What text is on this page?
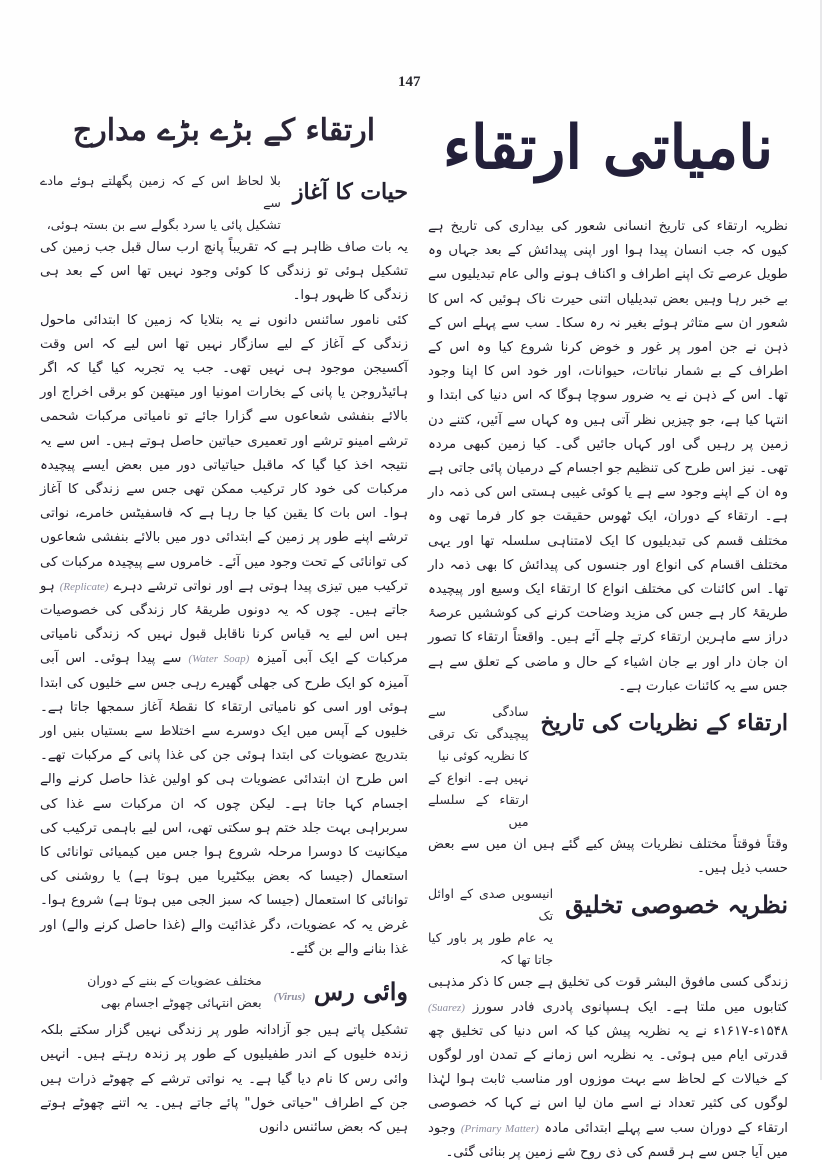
147
ارتقاء کے بڑے بڑے مدارج
حیات کا آغاز
بلا لحاظ اس کے کہ زمین پگھلتے ہوئے مادے سے
تشکیل پائی یا سرد بگولے سے بن بستہ ہوئی،

یہ بات صاف ظاہر ہے کہ تقریباً پانچ ارب سال قبل جب زمین کی تشکیل ہوئی تو زندگی کا کوئی وجود نہیں تھا اس کے بعد ہی زندگی کا ظہور ہوا۔

کئی نامور سائنس دانوں نے یہ بتلایا کہ زمین کا ابتدائی ماحول زندگی کے آغاز کے لیے سازگار نہیں تھا اس لیے کہ اس وقت آکسیجن موجود ہی نہیں تھی۔ جب یہ تجربہ کیا گیا کہ اگر ہائیڈروجن یا پانی کے بخارات امونیا اور میتھین کو برقی اخراج اور بالائے بنفشی شعاعوں سے گزارا جائے تو نامیاتی مرکبات شحمی ترشے امینو ترشے اور تعمیری حیاتین حاصل ہوتے ہیں۔ اس سے یہ نتیجہ اخذ کیا گیا کہ ماقبل حیاتیاتی دور میں بعض ایسے پیچیدہ مرکبات کی خود کار ترکیب ممکن تھی جس سے زندگی کا آغاز ہوا۔ اس بات کا یقین کیا جا رہا ہے کہ فاسفیٹس خامرے، نواتی ترشے اپنے طور پر زمین کے ابتدائی دور میں بالائے بنفشی شعاعوں کی توانائی کے تحت وجود میں آئے۔ خامروں سے پیچیدہ مرکبات کی ترکیب میں تیزی پیدا ہوتی ہے اور نواتی ترشے دہرے (Replicate) ہو جاتے ہیں۔ چوں کہ یہ دونوں طریقۂ کار زندگی کی خصوصیات ہیں اس لیے یہ قیاس کرنا ناقابل قبول نہیں کہ زندگی نامیاتی مرکبات کے ایک آبی آمیزہ (Water Soap) سے پیدا ہوئی۔ اس آبی آمیزہ کو ایک طرح کی جھلی گھیرے رہی جس سے خلیوں کی ابتدا ہوئی اور اسی کو نامیاتی ارتقاء کا نقطۂ آغاز سمجھا جاتا ہے۔ خلیوں کے آپس میں ایک دوسرے سے اختلاط سے بستیاں بنیں اور بتدریج عضویات کی ابتدا ہوئی جن کی غذا پانی کے مرکبات تھے۔ اس طرح ان ابتدائی عضویات ہی کو اولین غذا حاصل کرنے والے اجسام کہا جاتا ہے۔ لیکن چوں کہ ان مرکبات سے غذا کی سربراہی بہت جلد ختم ہو سکتی تھی، اس لیے باہمی ترکیب کی میکانیت کا دوسرا مرحلہ شروع ہوا جس میں کیمیائی توانائی کا استعمال (جیسا کہ بعض بیکٹیریا میں ہوتا ہے) یا روشنی کی توانائی کا استعمال (جیسا کہ سبز الجی میں ہوتا ہے) شروع ہوا۔ غرض یہ کہ عضویات، دگر غذائیت والے (غذا حاصل کرنے والے) اور غذا بنانے والے بن گئے۔

وائی رس (Virus)
مختلف عضویات کے بننے کے دوران
بعض انتہائی چھوٹے اجسام بھی

تشکیل پاتے ہیں جو آزادانہ طور پر زندگی نہیں گزار سکتے بلکہ زندہ خلیوں کے اندر طفیلیوں کے طور پر زندہ رہتے ہیں۔ انہیں وائی رس کا نام دیا گیا ہے۔ یہ نواتی ترشے کے چھوٹے ذرات ہیں جن کے اطراف "حیاتی خول" پائے جاتے ہیں۔ یہ اتنے چھوٹے ہوتے ہیں کہ بعض سائنس دانوں

نامیاتی ارتقاء

نظریہ ارتقاء کی تاریخ انسانی شعور کی بیداری کی تاریخ ہے کیوں کہ جب انسان پیدا ہوا اور اپنی پیدائش کے بعد جہاں وہ طویل عرصے تک اپنے اطراف و اکناف ہونے والی عام تبدیلیوں سے بے خبر رہا وہیں بعض تبدیلیاں اتنی حیرت ناک ہوئیں کہ اس کا شعور ان سے متاثر ہوئے بغیر نہ رہ سکا۔ سب سے پہلے اس کے ذہن نے جن امور پر غور و خوض کرنا شروع کیا وہ اس کے اطراف کے بے شمار نباتات، حیوانات، اور خود اس کا اپنا وجود تھا۔ اس کے ذہن نے یہ ضرور سوچا ہوگا کہ اس دنیا کی ابتدا و انتہا کیا ہے، جو چیزیں نظر آتی ہیں وہ کہاں سے آئیں، کتنے دن زمین پر رہیں گی اور کہاں جائیں گی۔ کیا زمین کبھی مردہ تھی۔ نیز اس طرح کی تنظیم جو اجسام کے درمیان پائی جاتی ہے وہ ان کے اپنے وجود سے ہے یا کوئی غیبی ہستی اس کی ذمہ دار ہے۔ ارتقاء کے دوران، ایک ٹھوس حقیقت جو کار فرما تھی وہ مختلف قسم کی تبدیلیوں کا ایک لامتناہی سلسلہ تھا اور یہی مختلف اقسام کی انواع اور جنسوں کی پیدائش کا بھی ذمہ دار تھا۔ اس کائنات کی مختلف انواع کا ارتقاء ایک وسیع اور پیچیدہ طریقۂ کار ہے جس کی مزید وضاحت کرنے کی کوششیں عرصۂ دراز سے ماہرین ارتقاء کرتے چلے آئے ہیں۔ واقعتاً ارتقاء کا تصور ان جان دار اور بے جان اشیاء کے حال و ماضی کے تعلق سے ہے جس سے یہ کائنات عبارت ہے۔

ارتقاء کے نظریات کی تاریخ
سادگی سے پیچیدگی تک ترقی کا نظریہ کوئی نیا
نہیں ہے۔ انواع کے ارتقاء کے سلسلے میں

وقتاً فوقتاً مختلف نظریات پیش کیے گئے ہیں ان میں سے بعض حسب ذیل ہیں۔

نظریہ خصوصی تخلیق
انیسویں صدی کے اوائل تک
یہ عام طور پر باور کیا جاتا تھا کہ

زندگی کسی مافوق البشر قوت کی تخلیق ہے جس کا ذکر مذہبی کتابوں میں ملتا ہے۔ ایک ہسپانوی پادری فادر سورز (Suarez) ۱۵۴۸ء-۱۶۱۷ء نے یہ نظریہ پیش کیا کہ اس دنیا کی تخلیق چھ قدرتی ایام میں ہوئی۔ یہ نظریہ اس زمانے کے تمدن اور لوگوں کے خیالات کے لحاظ سے بہت موزوں اور مناسب ثابت ہوا لہٰذا لوگوں کی کثیر تعداد نے اسے مان لیا اس نے کہا کہ خصوصی ارتقاء کے دوران سب سے پہلے ابتدائی مادہ (Primary Matter) وجود میں آیا جس سے ہر قسم کی ذی روح شے زمین پر بنائی گئی۔
